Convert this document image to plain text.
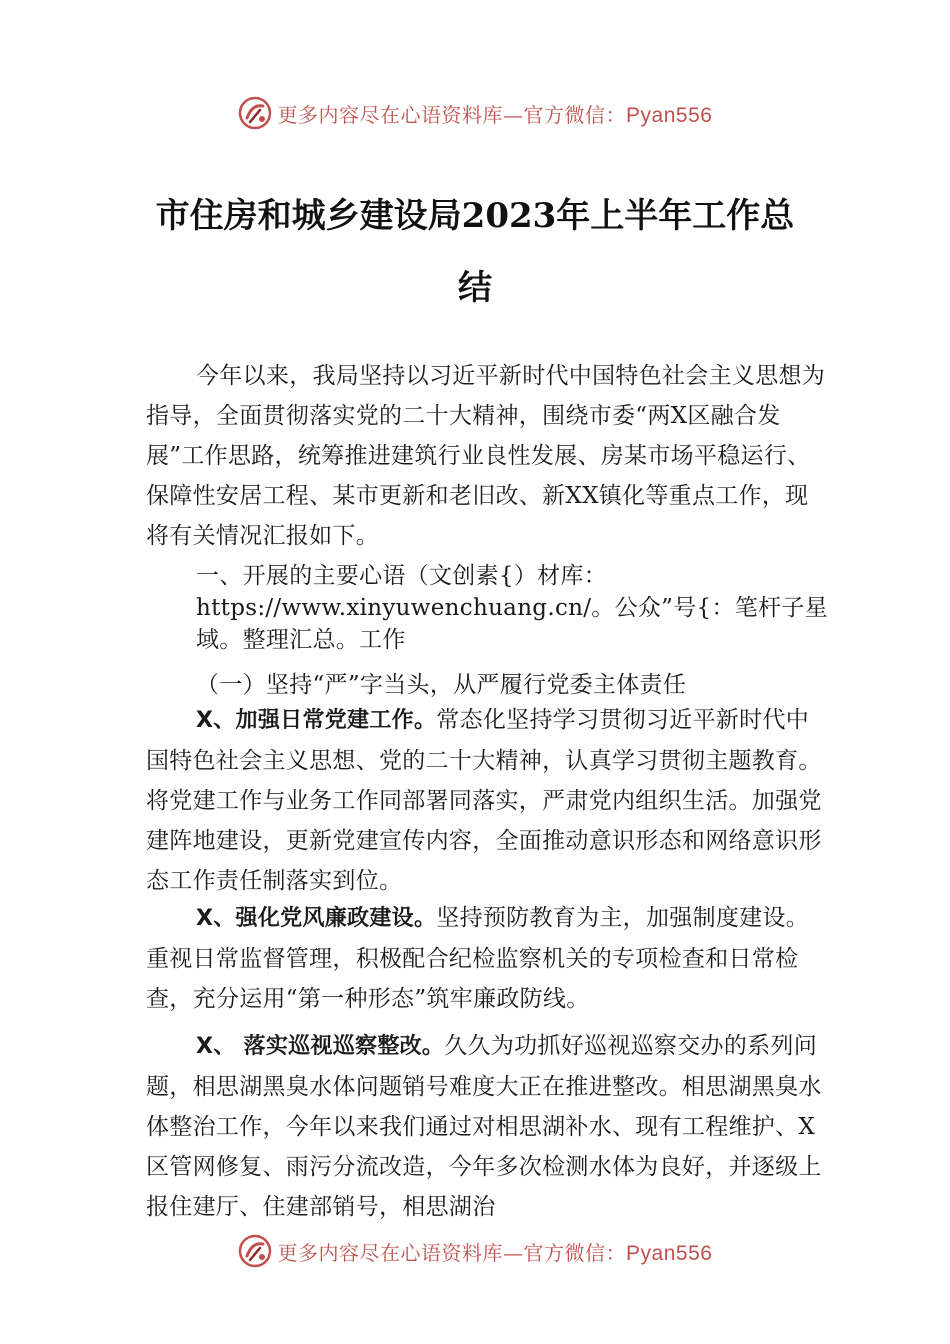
更多内容尽在心语资料库—官方微信：Pyan556
市住房和城乡建设局2023年上半年工作总
结

今年以来，我局坚持以习近平新时代中国特色社会主义思想为指导，全面贯彻落实党的二十大精神，围绕市委“两X区融合发展”工作思路，统筹推进建筑行业良性发展、房某市场平稳运行、保障性安居工程、某市更新和老旧改、新XX镇化等重点工作，现将有关情况汇报如下。

一、开展的主要心语（文创素{）材库：https://www.xinyuwenchuang.cn/。公众”号{：笔杆子星域。整理汇总。工作

（一）坚持“严”字当头，从严履行党委主体责任

X、加强日常党建工作。常态化坚持学习贯彻习近平新时代中国特色社会主义思想、党的二十大精神，认真学习贯彻主题教育。将党建工作与业务工作同部署同落实，严肃党内组织生活。加强党建阵地建设，更新党建宣传内容，全面推动意识形态和网络意识形态工作责任制落实到位。

X、强化党风廉政建设。坚持预防教育为主，加强制度建设。重视日常监督管理，积极配合纪检监察机关的专项检查和日常检查，充分运用“第一种形态”筑牢廉政防线。

X、 落实巡视巡察整改。久久为功抓好巡视巡察交办的系列问题，相思湖黑臭水体问题销号难度大正在推进整改。相思湖黑臭水体整治工作，今年以来我们通过对相思湖补水、现有工程维护、X区管网修复、雨污分流改造，今年多次检测水体为良好，并逐级上报住建厅、住建部销号，相思湖治

更多内容尽在心语资料库—官方微信：Pyan556
